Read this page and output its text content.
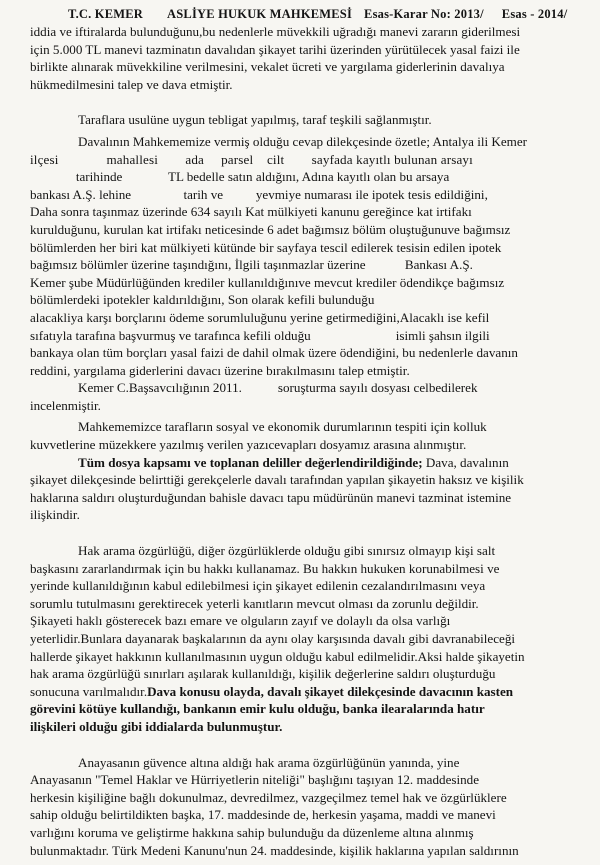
T.C. KEMER ASLİYE HUKUK MAHKEMESİ Esas-Karar No: 2013/ Esas - 2014/

iddia ve iftiralarda bulunduğunu,bu nedenlerle müvekkili uğradığı manevi zararın giderilmesi
için 5.000 TL manevi tazminatın davalıdan şikayet tarihi üzerinden yürütülecek yasal faizi ile
birlikte alınarak müvekkiline verilmesini, vekalet ücreti ve yargılama giderlerinin davalıya
hükmedilmesini talep ve dava etmiştir.

Taraflara usulüne uygun tebligat yapılmış, taraf teşkili sağlanmıştır.

Davalının Mahkememize vermiş olduğu cevap dilekçesinde özetle; Antalya ili Kemer
ilçesi              mahallesi        ada     parsel    cilt        sayfada kayıtlı bulunan arsayı
tarihinde              TL bedelle satın aldığını, Adına kayıtlı olan bu arsaya
bankası A.Ş. lehine                tarih ve          yevmiye numarası ile ipotek tesis edildiğini,
Daha sonra taşınmaz üzerinde 634 sayılı Kat mülkiyeti kanunu gereğince kat irtifakı
kurulduğunu, kurulan kat irtifakı neticesinde 6 adet bağımsız bölüm oluştuğunuve bağımsız
bölümlerden her biri kat mülkiyeti kütünde bir sayfaya tescil edilerek tesisin edilen ipotek
bağımsız bölümler üzerine taşındığını, İlgili taşınmazlar üzerine            Bankası A.Ş.
Kemer şube Müdürlüğünden krediler kullanıldığınıve mevcut krediler ödendikçe bağımsız
bölümlerdeki ipotekler kaldırıldığını, Son olarak kefili bulunduğu
alacakliya karşı borçlarını ödeme sorumluluğunu yerine getirmediğini,Alacaklı ise kefil
sıfatıyla tarafına başvurmuş ve tarafınca kefili olduğu                          isimli şahsın ilgili
bankaya olan tüm borçları yasal faizi de dahil olmak üzere ödendiğini, bu nedenlerle davanın
reddini, yargılama giderlerini davacı üzerine bırakılmasını talep etmiştir.

Kemer C.Başsavcılığının 2011.           soruşturma sayılı dosyası celbedilerek
incelenmiştir.

Mahkememizce tarafların sosyal ve ekonomik durumlarının tespiti için kolluk
kuvvetlerine müzekkere yazılmış verilen yazıcevapları dosyamız arasına alınmıştır.

Tüm dosya kapsamı ve toplanan deliller değerlendirildiğinde; Dava, davalının
şikayet dilekçesinde belirttiği gerekçelerle davalı tarafından yapılan şikayetin haksız ve kişilik
haklarına saldırı oluşturduğundan bahisle davacı tapu müdürünün manevi tazminat istemine
ilişkindir.

Hak arama özgürlüğü, diğer özgürlüklerde olduğu gibi sınırsız olmayıp kişi salt
başkasını zararlandırmak için bu hakkı kullanamaz. Bu hakkın hukuken korunabilmesi ve
yerinde kullanıldığının kabul edilebilmesi için şikayet edilenin cezalandırılmasını veya
sorumlu tutulmasını gerektirecek yeterli kanıtların mevcut olması da zorunlu değildir.
Şikayeti haklı gösterecek bazı emare ve olguların zayıf ve dolaylı da olsa varlığı
yeterlidir.Bunlara dayanarak başkalarının da aynı olay karşısında davalı gibi davranabileceği
hallerde şikayet hakkının kullanılmasının uygun olduğu kabul edilmelidir.Aksi halde şikayetin
hak arama özgürlüğü sınırları aşılarak kullanıldığı, kişilik değerlerine saldırı oluşturduğu
sonucuna varılmalıdır.Dava konusu olayda, davalı şikayet dilekçesinde davacının kasten
görevini kötüye kullandığı, bankanın emir kulu olduğu, banka ilearalarında hatır
ilişkileri olduğu gibi iddialarda bulunmuştur.

Anayasanın güvence altına aldığı hak arama özgürlüğünün yanında, yine
Anayasanın "Temel Haklar ve Hürriyetlerin niteliği" başlığını taşıyan 12. maddesinde
herkesin kişiliğine bağlı dokunulmaz, devredilmez, vazgeçilmez temel hak ve özgürlüklere
sahip olduğu belirtildikten başka, 17. maddesinde de, herkesin yaşama, maddi ve manevi
varlığını koruma ve geliştirme hakkına sahip bulunduğu da düzenleme altına alınmış
bulunmaktadır. Türk Medeni Kanunu'nun 24. maddesinde, kişilik haklarına yapılan saldırının
